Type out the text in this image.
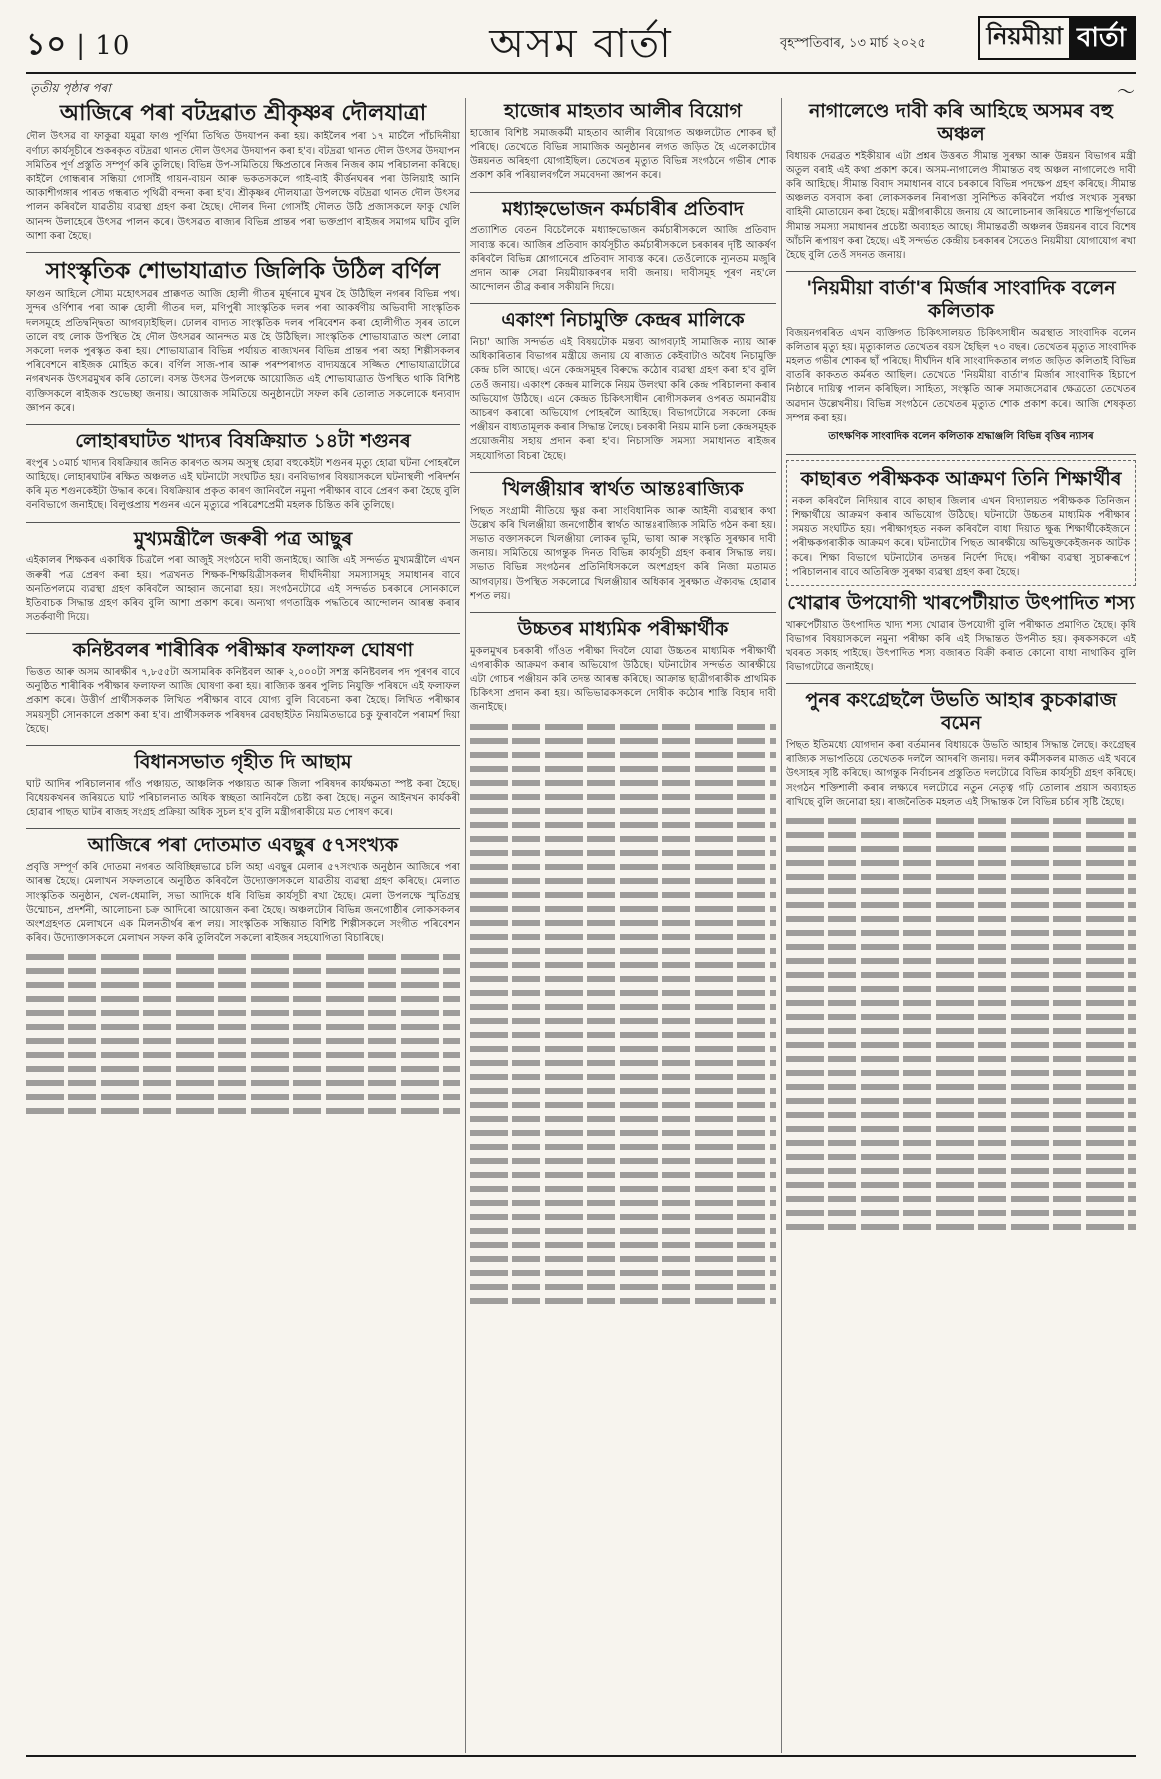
১০ | 10	অসম বাৰ্তা	বৃহস্পতিবাৰ, ১৩ মাৰ্চ ২০২৫	নিয়মীয়া বাৰ্তা
তৃতীয় পৃষ্ঠাৰ পৰা	〜
আজিৰে পৰা বটদ্ৰৱাত শ্ৰীকৃষ্ণৰ দৌলযাত্ৰা
দৌল উৎসৱ বা ফাকুৱা যমুৱা ফাগু পূৰ্ণিমা তিথিত উদযাপন কৰা হয়। কাইলৈৰ পৰা ১৭ মাৰ্চলৈ পাঁচদিনীয়া বৰ্ণাঢ্য কাৰ্যসূচীৰে শুকৰকৃত বটদ্ৰৱা থানত দৌল উৎসৱ উদযাপন কৰা হ'ব। বটদ্ৰৱা থানত দৌল উৎসৱ উদযাপন সমিতিৰ পূৰ্ণ প্ৰস্তুতি সম্পূৰ্ণ কৰি তুলিছে। বিভিন্ন উপ-সমিতিয়ে ক্ষিপ্ৰতাৰে নিজৰ নিজৰ কাম পৰিচালনা কৰিছে। কাইলৈ গোন্ধৰাৰ সন্ধিয়া গোসাঁই গায়ন-বায়ন আৰু ভকতসকলে গাই-বাই কীৰ্ত্তনঘৰৰ পৰা উলিয়াই আনি আকাশীগঙ্গাৰ পাৰত গন্ধৰাত পৃথিৱী বন্দনা কৰা হ'ব। শ্ৰীকৃষ্ণৰ দৌলযাত্ৰা উপলক্ষে বটদ্ৰৱা থানত দৌল উৎসৱ পালন কৰিবলৈ যাৱতীয় ব্যৱস্থা গ্ৰহণ কৰা হৈছে। দৌলৰ দিনা গোসাঁই দৌলত উঠি প্ৰজাসকলে ফাকু খেলি আনন্দ উলাহেৰে উৎসৱ পালন কৰে। উৎসৱত ৰাজ্যৰ বিভিন্ন প্ৰান্তৰ পৰা ভক্তপ্ৰাণ ৰাইজৰ সমাগম ঘটিব বুলি আশা কৰা হৈছে।
সাংস্কৃতিক শোভাযাত্ৰাত জিলিকি উঠিল বৰ্ণিল
ফাগুন আহিলে সৌম্য মহোৎসৱৰ প্ৰাক্কণত আজি হোলী গীতৰ মূৰ্ছনাৰে মুখৰ হৈ উঠিছিল নগৰৰ বিভিন্ন পথ। সুন্দৰ ওৰ্ণিশাৰ পৰা আৰু হোলী গীতৰ দল, মণিপুৰী সাংস্কৃতিক দলৰ পৰা আকৰ্ষণীয় অভিবাদী সাংস্কৃতিক দলসমূহে প্ৰতিদ্বন্দ্বিতা আগবঢ়াইছিল। ঢোলৰ বাদ্যত সাংস্কৃতিক দলৰ পৰিবেশন কৰা হোলীগীত সৃৰৰ তালে তালে বহু লোক উপস্থিত হৈ দৌল উৎসৱৰ আনন্দত মত্ত হৈ উঠিছিল। সাংস্কৃতিক শোভাযাত্ৰাত অংশ লোৱা সকলো দলক পুৰস্কৃত কৰা হয়। শোভাযাত্ৰাৰ বিভিন্ন পৰ্যায়ত ৰাজ্যখনৰ বিভিন্ন প্ৰান্তৰ পৰা অহা শিল্পীসকলৰ পৰিবেশনে ৰাইজক মোহিত কৰে। বৰ্ণিল সাজ-পাৰ আৰু পৰম্পৰাগত বাদ্যযন্ত্ৰৰে সজ্জিত শোভাযাত্ৰাটোৱে নগৰখনক উৎসৱমুখৰ কৰি তোলে। বসন্ত উৎসৱ উপলক্ষে আয়োজিত এই শোভাযাত্ৰাত উপস্থিত থাকি বিশিষ্ট ব্যক্তিসকলে ৰাইজক শুভেচ্ছা জনায়। আয়োজক সমিতিয়ে অনুষ্ঠানটো সফল কৰি তোলাত সকলোকে ধন্যবাদ জ্ঞাপন কৰে।
লোহাৰঘাটত খাদ্যৰ বিষক্ৰিয়াত ১৪টা শগুনৰ
ৰংপুৰ ১০মাৰ্চ খাদ্যৰ বিষক্ৰিয়াৰ জনিত কাৰণত অসম অসুস্থ হোৱা বহুকেইটা শগুনৰ মৃত্যু হোৱা ঘটনা পোহৰলৈ আহিছে। লোহাৰঘাটৰ ৰক্ষিত অঞ্চলত এই ঘটনাটো সংঘটিত হয়। বনবিভাগৰ বিষয়াসকলে ঘটনাস্থলী পৰিদৰ্শন কৰি মৃত শগুনকেইটা উদ্ধাৰ কৰে। বিষক্ৰিয়াৰ প্ৰকৃত কাৰণ জানিবলৈ নমুনা পৰীক্ষাৰ বাবে প্ৰেৰণ কৰা হৈছে বুলি বনবিভাগে জনাইছে। বিলুপ্তপ্ৰায় শগুনৰ এনে মৃত্যুৱে পৰিৱেশপ্ৰেমী মহলক চিন্তিত কৰি তুলিছে।
মুখ্যমন্ত্ৰীলৈ জৰুৰী পত্ৰ আছুৰ
এইকালৰ শিক্ষকৰ একাধিক চিত্ৰলৈ পৰা আজুই সংগঠনে দাবী জনাইছে। আজি এই সন্দৰ্ভত মুখ্যমন্ত্ৰীলৈ এখন জৰুৰী পত্ৰ প্ৰেৰণ কৰা হয়। পত্ৰখনত শিক্ষক-শিক্ষয়িত্ৰীসকলৰ দীৰ্ঘদিনীয়া সমস্যাসমূহ সমাধানৰ বাবে অনতিপলমে ব্যৱস্থা গ্ৰহণ কৰিবলৈ আহ্বান জনোৱা হয়। সংগঠনটোৱে এই সন্দৰ্ভত চৰকাৰে সোনকালে ইতিবাচক সিদ্ধান্ত গ্ৰহণ কৰিব বুলি আশা প্ৰকাশ কৰে। অন্যথা গণতান্ত্ৰিক পদ্ধতিৰে আন্দোলন আৰম্ভ কৰাৰ সতৰ্কবাণী দিয়ে।
কনিষ্টবলৰ শাৰীৰিক পৰীক্ষাৰ ফলাফল ঘোষণা
ভিত্তত আৰু অসম আৰক্ষীৰ ৭,৮৫৫টা অসামৰিক কনিষ্টবল আৰু ২,০০০টা সশস্ত্ৰ কনিষ্টবলৰ পদ পূৰণৰ বাবে অনুষ্ঠিত শাৰীৰিক পৰীক্ষাৰ ফলাফল আজি ঘোষণা কৰা হয়। ৰাজ্যিক স্তৰৰ পুলিচ নিযুক্তি পৰিষদে এই ফলাফল প্ৰকাশ কৰে। উত্তীৰ্ণ প্ৰাৰ্থীসকলক লিখিত পৰীক্ষাৰ বাবে যোগ্য বুলি বিবেচনা কৰা হৈছে। লিখিত পৰীক্ষাৰ সময়সূচী সোনকালে প্ৰকাশ কৰা হ'ব। প্ৰাৰ্থীসকলক পৰিষদৰ ৱেবছাইটত নিয়মিতভাৱে চকু ফুৰাবলৈ পৰামৰ্শ দিয়া হৈছে।
বিধানসভাত গৃহীত দি আছাম
ঘাট আদিৰ পৰিচালনাৰ গাঁও পঞ্চায়ত, আঞ্চলিক পঞ্চায়ত আৰু জিলা পৰিষদৰ কাৰ্যক্ষমতা স্পষ্ট কৰা হৈছে। বিধেয়কখনৰ জৰিয়তে ঘাট পৰিচালনাত অধিক স্বচ্ছতা আনিবলৈ চেষ্টা কৰা হৈছে। নতুন আইনখন কাৰ্যকৰী হোৱাৰ পাছত ঘাটৰ ৰাজহ সংগ্ৰহ প্ৰক্ৰিয়া অধিক সুচল হ'ব বুলি মন্ত্ৰীগৰাকীয়ে মত পোষণ কৰে।
আজিৰে পৰা দোতমাত এবছুৰ ৫৭সংখ্যক
প্ৰবৃত্তি সম্পূৰ্ণ কৰি দোতমা নগৰত অবিচ্ছিন্নভাৱে চলি অহা এবছুৰ মেলাৰ ৫৭সংখ্যক অনুষ্ঠান আজিৰে পৰা আৰম্ভ হৈছে। মেলাখন সফলতাৰে অনুষ্ঠিত কৰিবলৈ উদ্যোক্তাসকলে যাৱতীয় ব্যৱস্থা গ্ৰহণ কৰিছে। মেলাত সাংস্কৃতিক অনুষ্ঠান, খেল-ধেমালি, সভা আদিকে ধৰি বিভিন্ন কাৰ্যসূচী ৰখা হৈছে। মেলা উপলক্ষে স্মৃতিগ্ৰন্থ উন্মোচন, প্ৰদৰ্শনী, আলোচনা চক্ৰ আদিৰো আয়োজন কৰা হৈছে। অঞ্চলটোৰ বিভিন্ন জনগোষ্ঠীৰ লোকসকলৰ অংশগ্ৰহণত মেলাখনে এক মিলনতীৰ্থৰ ৰূপ লয়। সাংস্কৃতিক সন্ধিয়াত বিশিষ্ট শিল্পীসকলে সংগীত পৰিবেশন কৰিব। উদ্যোক্তাসকলে মেলাখন সফল কৰি তুলিবলৈ সকলো ৰাইজৰ সহযোগিতা বিচাৰিছে।
হাজোৰ মাহতাব আলীৰ বিয়োগ
হাজোৰ বিশিষ্ট সমাজকৰ্মী মাহতাব আলীৰ বিয়োগত অঞ্চলটোত শোকৰ ছাঁ পৰিছে। তেখেতে বিভিন্ন সামাজিক অনুষ্ঠানৰ লগত জড়িত হৈ এলেকাটোৰ উন্নয়নত অৰিহণা যোগাইছিল। তেখেতৰ মৃত্যুত বিভিন্ন সংগঠনে গভীৰ শোক প্ৰকাশ কৰি পৰিয়ালবৰ্গলৈ সমবেদনা জ্ঞাপন কৰে।
মধ্যাহ্নভোজন কৰ্মচাৰীৰ প্ৰতিবাদ
প্ৰত্যাশিত বেতন বিচেলৈকে মধ্যাহ্নভোজন কৰ্মচাৰীসকলে আজি প্ৰতিবাদ সাব্যস্ত কৰে। আজিৰ প্ৰতিবাদ কাৰ্যসূচীত কৰ্মচাৰীসকলে চৰকাৰৰ দৃষ্টি আকৰ্ষণ কৰিবলৈ বিভিন্ন শ্লোগানেৰে প্ৰতিবাদ সাব্যস্ত কৰে। তেওঁলোকে ন্যূনতম মজুৰি প্ৰদান আৰু সেৱা নিয়মীয়াকৰণৰ দাবী জনায়। দাবীসমূহ পূৰণ নহ'লে আন্দোলন তীব্ৰ কৰাৰ সকীয়নি দিয়ে।
একাংশ নিচামুক্তি কেন্দ্ৰৰ মালিকে
নিচা' আজি সন্দৰ্ভত এই বিষয়টোক মন্তব্য আগবঢ়াই সামাজিক ন্যায় আৰু অধিকাৰিতাৰ বিভাগৰ মন্ত্ৰীয়ে জনায় যে ৰাজ্যত কেইবাটাও অবৈধ নিচামুক্তি কেন্দ্ৰ চলি আছে। এনে কেন্দ্ৰসমূহৰ বিৰুদ্ধে কঠোৰ ব্যৱস্থা গ্ৰহণ কৰা হ'ব বুলি তেওঁ জনায়। একাংশ কেন্দ্ৰৰ মালিকে নিয়ম উলংঘা কৰি কেন্দ্ৰ পৰিচালনা কৰাৰ অভিযোগ উঠিছে। এনে কেন্দ্ৰত চিকিৎসাধীন ৰোগীসকলৰ ওপৰত অমানৱীয় আচৰণ কৰাৰো অভিযোগ পোহৰলৈ আহিছে। বিভাগটোৱে সকলো কেন্দ্ৰ পঞ্জীয়ন বাধ্যতামূলক কৰাৰ সিদ্ধান্ত লৈছে। চৰকাৰী নিয়ম মানি চলা কেন্দ্ৰসমূহক প্ৰয়োজনীয় সহায় প্ৰদান কৰা হ'ব। নিচাসক্তি সমস্যা সমাধানত ৰাইজৰ সহযোগিতা বিচৰা হৈছে।
খিলঞ্জীয়াৰ স্বাৰ্থত আন্তঃৰাজ্যিক
পিছত সংগ্ৰামী নীতিয়ে ক্ষুণ্ণ কৰা সাংবিধানিক আৰু আইনী ব্যৱস্থাৰ কথা উল্লেখ কৰি খিলঞ্জীয়া জনগোষ্ঠীৰ স্বাৰ্থত আন্তঃৰাজ্যিক সমিতি গঠন কৰা হয়। সভাত বক্তাসকলে খিলঞ্জীয়া লোকৰ ভূমি, ভাষা আৰু সংস্কৃতি সুৰক্ষাৰ দাবী জনায়। সমিতিয়ে আগন্তুক দিনত বিভিন্ন কাৰ্যসূচী গ্ৰহণ কৰাৰ সিদ্ধান্ত লয়। সভাত বিভিন্ন সংগঠনৰ প্ৰতিনিধিসকলে অংশগ্ৰহণ কৰি নিজা মতামত আগবঢ়ায়। উপস্থিত সকলোৱে খিলঞ্জীয়াৰ অধিকাৰ সুৰক্ষাত ঐক্যবদ্ধ হোৱাৰ শপত লয়।
উচ্চতৰ মাধ্যমিক পৰীক্ষাৰ্থীক
মুকলমুখৰ চৰকাৰী গাঁওত পৰীক্ষা দিবলৈ যোৱা উচ্চতৰ মাধ্যমিক পৰীক্ষাৰ্থী এগৰাকীক আক্ৰমণ কৰাৰ অভিযোগ উঠিছে। ঘটনাটোৰ সন্দৰ্ভত আৰক্ষীয়ে এটা গোচৰ পঞ্জীয়ন কৰি তদন্ত আৰম্ভ কৰিছে। আক্ৰান্ত ছাত্ৰীগৰাকীক প্ৰাথমিক চিকিৎসা প্ৰদান কৰা হয়। অভিভাৱকসকলে দোষীক কঠোৰ শাস্তি বিহাৰ দাবী জনাইছে।
নাগালেণ্ডে দাবী কৰি আহিছে অসমৰ বহু অঞ্চল
বিধায়ক দেৱব্ৰত শইকীয়াৰ এটা প্ৰশ্নৰ উত্তৰত সীমান্ত সুৰক্ষা আৰু উন্নয়ন বিভাগৰ মন্ত্ৰী অতুল বৰাই এই কথা প্ৰকাশ কৰে। অসম-নাগালেণ্ড সীমান্তত বহু অঞ্চল নাগালেণ্ডে দাবী কৰি আহিছে। সীমান্ত বিবাদ সমাধানৰ বাবে চৰকাৰে বিভিন্ন পদক্ষেপ গ্ৰহণ কৰিছে। সীমান্ত অঞ্চলত বসবাস কৰা লোকসকলৰ নিৰাপত্তা সুনিশ্চিত কৰিবলৈ পৰ্যাপ্ত সংখ্যক সুৰক্ষা বাহিনী মোতায়েন কৰা হৈছে। মন্ত্ৰীগৰাকীয়ে জনায় যে আলোচনাৰ জৰিয়তে শান্তিপূৰ্ণভাৱে সীমান্ত সমস্যা সমাধানৰ প্ৰচেষ্টা অব্যাহত আছে। সীমান্তৱৰ্তী অঞ্চলৰ উন্নয়নৰ বাবে বিশেষ আঁচনি ৰূপায়ণ কৰা হৈছে। এই সন্দৰ্ভত কেন্দ্ৰীয় চৰকাৰৰ সৈতেও নিয়মীয়া যোগাযোগ ৰখা হৈছে বুলি তেওঁ সদনত জনায়।
'নিয়মীয়া বাৰ্তা'ৰ মিৰ্জাৰ সাংবাদিক বলেন কলিতাক
বিজয়নগৰৰিত এখন ব্যক্তিগত চিকিৎসালয়ত চিকিৎসাধীন অৱস্থাত সাংবাদিক বলেন কলিতাৰ মৃত্যু হয়। মৃত্যুকালত তেখেতৰ বয়স হৈছিল ৭০ বছৰ। তেখেতৰ মৃত্যুত সাংবাদিক মহলত গভীৰ শোকৰ ছাঁ পৰিছে। দীৰ্ঘদিন ধৰি সাংবাদিকতাৰ লগত জড়িত কলিতাই বিভিন্ন বাতৰি কাকতত কৰ্মৰত আছিল। তেখেতে 'নিয়মীয়া বাৰ্তা'ৰ মিৰ্জাৰ সাংবাদিক হিচাপে নিষ্ঠাৰে দায়িত্ব পালন কৰিছিল। সাহিত্য, সংস্কৃতি আৰু সমাজসেৱাৰ ক্ষেত্ৰতো তেখেতৰ অৱদান উল্লেখনীয়। বিভিন্ন সংগঠনে তেখেতৰ মৃত্যুত শোক প্ৰকাশ কৰে। আজি শেষকৃত্য সম্পন্ন কৰা হয়।
তাৎক্ষণিক সাংবাদিক বলেন কলিতাক শ্ৰদ্ধাঞ্জলি বিভিন্ন বৃত্তিৰ ন্যাসৰ
কাছাৰত পৰীক্ষকক আক্ৰমণ তিনি শিক্ষাৰ্থীৰ
নকল কৰিবলৈ নিদিয়াৰ বাবে কাছাৰ জিলাৰ এখন বিদ্যালয়ত পৰীক্ষকক তিনিজন শিক্ষাৰ্থীয়ে আক্ৰমণ কৰাৰ অভিযোগ উঠিছে। ঘটনাটো উচ্চতৰ মাধ্যমিক পৰীক্ষাৰ সময়ত সংঘটিত হয়। পৰীক্ষাগৃহত নকল কৰিবলৈ বাধা দিয়াত ক্ষুব্ধ শিক্ষাৰ্থীকেইজনে পৰীক্ষকগৰাকীক আক্ৰমণ কৰে। ঘটনাটোৰ পিছত আৰক্ষীয়ে অভিযুক্তকেইজনক আটক কৰে। শিক্ষা বিভাগে ঘটনাটোৰ তদন্তৰ নিৰ্দেশ দিছে। পৰীক্ষা ব্যৱস্থা সুচাৰুৰূপে পৰিচালনাৰ বাবে অতিৰিক্ত সুৰক্ষা ব্যৱস্থা গ্ৰহণ কৰা হৈছে।
খোৱাৰ উপযোগী খাৰপেটীয়াত উৎপাদিত শস্য
খাৰুপেটীয়াত উৎপাদিত খাদ্য শস্য খোৱাৰ উপযোগী বুলি পৰীক্ষাত প্ৰমাণিত হৈছে। কৃষি বিভাগৰ বিষয়াসকলে নমুনা পৰীক্ষা কৰি এই সিদ্ধান্তত উপনীত হয়। কৃষকসকলে এই খবৰত সকাহ পাইছে। উৎপাদিত শস্য বজাৰত বিক্ৰী কৰাত কোনো বাধা নাথাকিব বুলি বিভাগটোৱে জনাইছে।
পুনৰ কংগ্ৰেছলৈ উভতি আহাৰ কুচকাৱাজ বমেন
পিছত ইতিমধ্যে যোগদান কৰা বৰ্তমানৰ বিধায়কে উভতি আহাৰ সিদ্ধান্ত লৈছে। কংগ্ৰেছৰ ৰাজ্যিক সভাপতিয়ে তেখেতক দললৈ আদৰণি জনায়। দলৰ কৰ্মীসকলৰ মাজত এই খবৰে উৎসাহৰ সৃষ্টি কৰিছে। আগন্তুক নিৰ্বাচনৰ প্ৰস্তুতিত দলটোৱে বিভিন্ন কাৰ্যসূচী গ্ৰহণ কৰিছে। সংগঠন শক্তিশালী কৰাৰ লক্ষ্যৰে দলটোৱে নতুন নেতৃত্ব গঢ়ি তোলাৰ প্ৰয়াস অব্যাহত ৰাখিছে বুলি জনোৱা হয়। ৰাজনৈতিক মহলত এই সিদ্ধান্তক লৈ বিভিন্ন চৰ্চাৰ সৃষ্টি হৈছে।
